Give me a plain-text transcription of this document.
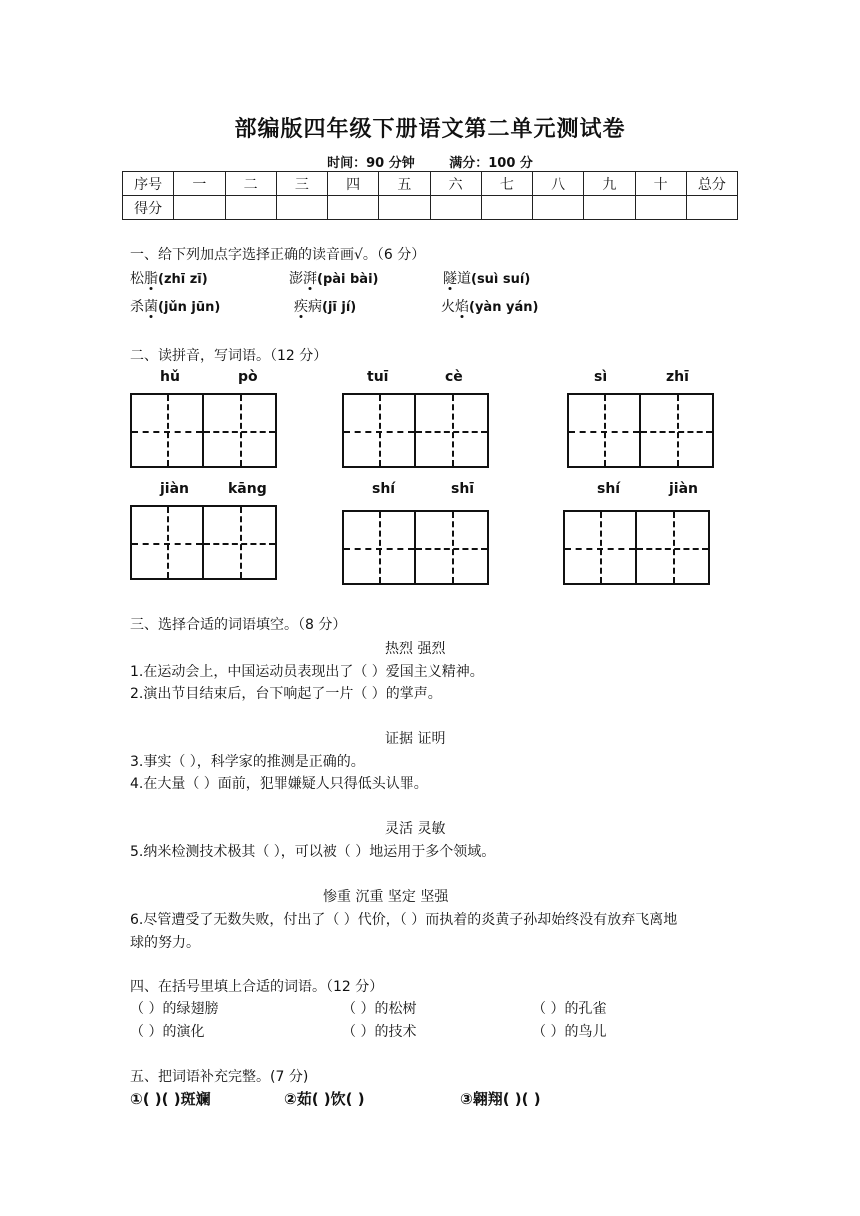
部编版四年级下册语文第二单元测试卷
时间：90 分钟	满分：100 分
序号	一	二	三	四	五	六	七	八	九	十	总分
得分											
一、给下列加点字选择正确的读音画√。（6 分）
松脂(zhī zī)	澎湃(pài bài)	隧道(suì suí)
杀菌(jǔn jūn)	疾病(jī jí)	火焰(yàn yán)
二、读拼音，写词语。（12 分）
hǔ	pò	tuī	cè	sì	zhī
jiàn	kāng	shí	shī	shí	jiàn
三、选择合适的词语填空。（8 分）
热烈 强烈
1.在运动会上，中国运动员表现出了（ ）爱国主义精神。
2.演出节目结束后，台下响起了一片（ ）的掌声。
证据 证明
3.事实（ ），科学家的推测是正确的。
4.在大量（ ）面前，犯罪嫌疑人只得低头认罪。
灵活 灵敏
5.纳米检测技术极其（ ），可以被（ ）地运用于多个领域。
惨重 沉重 坚定 坚强
6.尽管遭受了无数失败，付出了（ ）代价，（ ）而执着的炎黄子孙却始终没有放弃飞离地
球的努力。
四、在括号里填上合适的词语。（12 分）
（ ）的绿翅膀	（ ）的松树	（ ）的孔雀
（ ）的演化	（ ）的技术	（ ）的鸟儿
五、把词语补充完整。(7 分)
①( )( )斑斓	②茹( )饮( )	③翱翔( )( )
